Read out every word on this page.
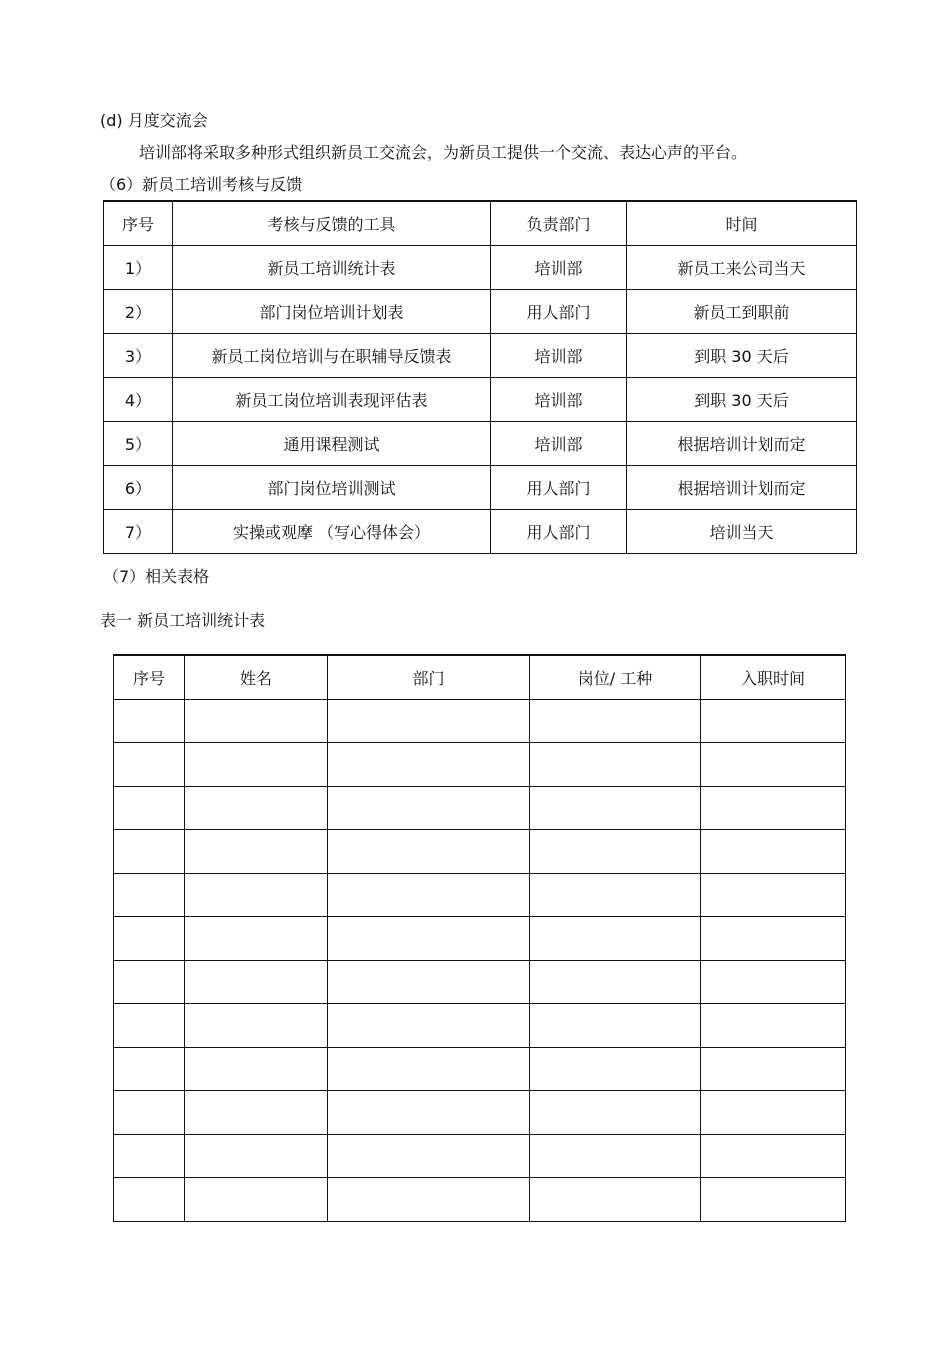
(d) 月度交流会
培训部将采取多种形式组织新员工交流会，为新员工提供一个交流、表达心声的平台。
（6）新员工培训考核与反馈
序号	考核与反馈的工具	负责部门	时间
1）	新员工培训统计表	培训部	新员工来公司当天
2）	部门岗位培训计划表	用人部门	新员工到职前
3）	新员工岗位培训与在职辅导反馈表	培训部	到职 30 天后
4）	新员工岗位培训表现评估表	培训部	到职 30 天后
5）	通用课程测试	培训部	根据培训计划而定
6）	部门岗位培训测试	用人部门	根据培训计划而定
7）	实操或观摩 （写心得体会）	用人部门	培训当天
（7）相关表格
表一 新员工培训统计表
序号	姓名	部门	岗位/ 工种	入职时间
